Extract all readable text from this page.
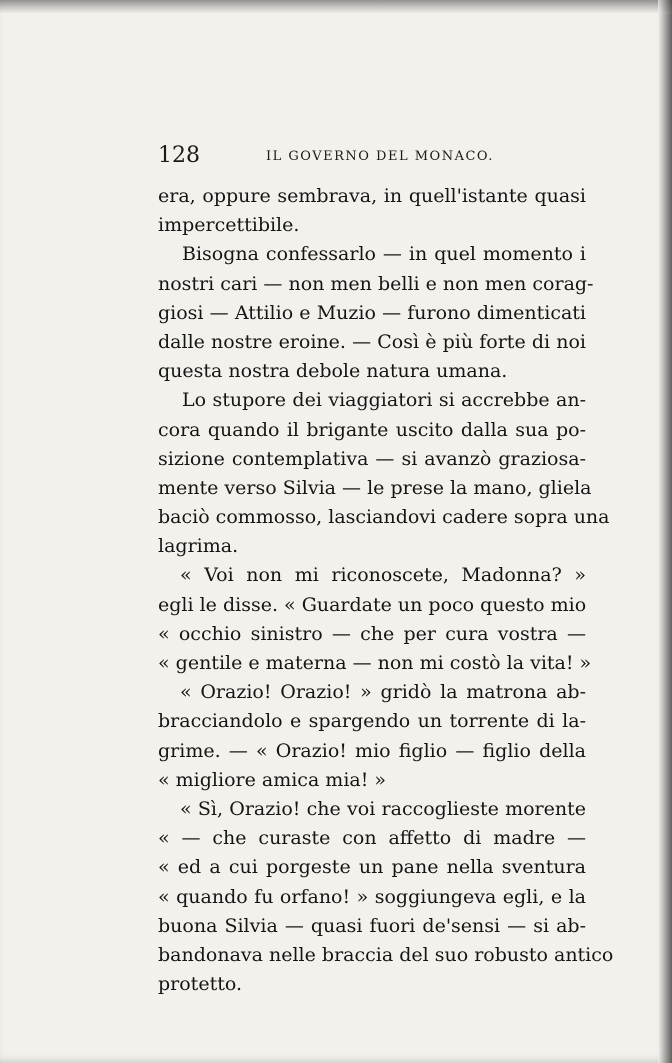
128	IL GOVERNO DEL MONACO.
era, oppure sembrava, in quell'istante quasi
impercettibile.
Bisogna confessarlo — in quel momento i
nostri cari — non men belli e non men corag-
giosi — Attilio e Muzio — furono dimenticati
dalle nostre eroine. — Così è più forte di noi
questa nostra debole natura umana.
Lo stupore dei viaggiatori si accrebbe an-
cora quando il brigante uscito dalla sua po-
sizione contemplativa — si avanzò graziosa-
mente verso Silvia — le prese la mano, gliela
baciò commosso, lasciandovi cadere sopra una
lagrima.
« Voi non mi riconoscete, Madonna? »
egli le disse. « Guardate un poco questo mio
« occhio sinistro — che per cura vostra —
« gentile e materna — non mi costò la vita! »
« Orazio! Orazio! » gridò la matrona ab-
bracciandolo e spargendo un torrente di la-
grime. — « Orazio! mio figlio — figlio della
« migliore amica mia! »
« Sì, Orazio! che voi raccoglieste morente
« — che curaste con affetto di madre —
« ed a cui porgeste un pane nella sventura
« quando fu orfano! » soggiungeva egli, e la
buona Silvia — quasi fuori de'sensi — si ab-
bandonava nelle braccia del suo robusto antico
protetto.
